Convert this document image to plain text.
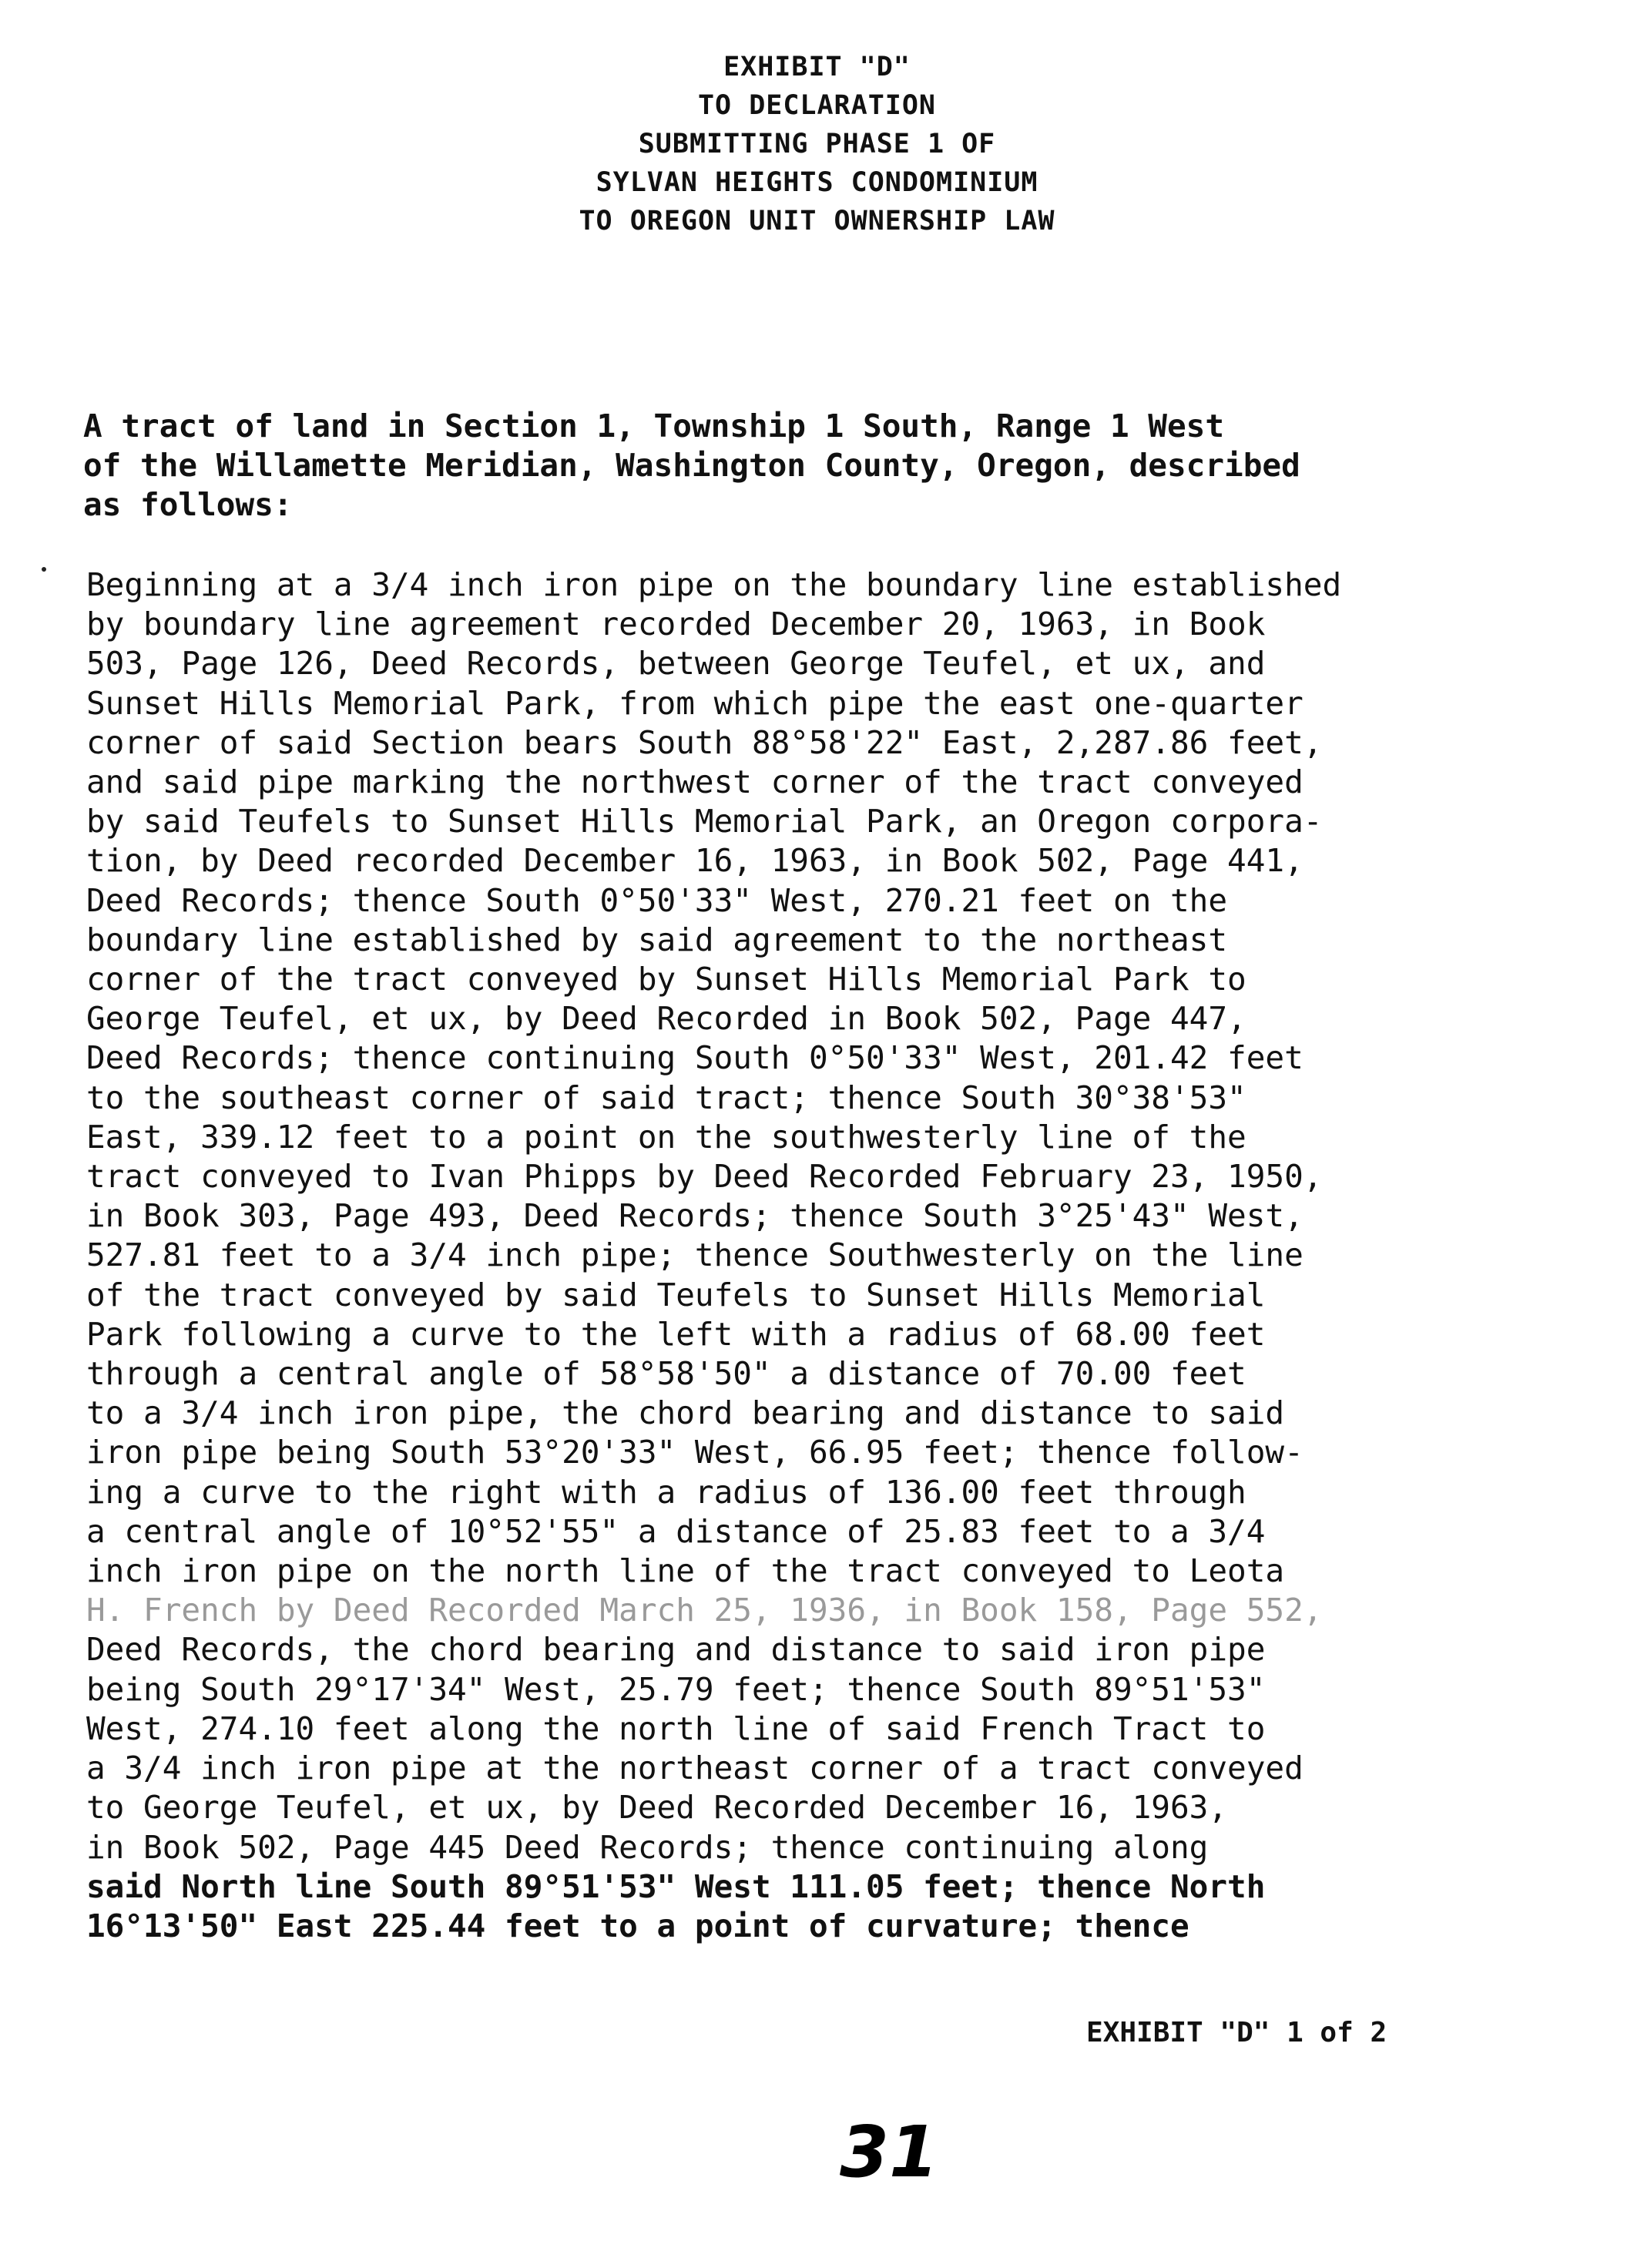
EXHIBIT "D"
TO DECLARATION
SUBMITTING PHASE 1 OF
SYLVAN HEIGHTS CONDOMINIUM
TO OREGON UNIT OWNERSHIP LAW
A tract of land in Section 1, Township 1 South, Range 1 West
of the Willamette Meridian, Washington County, Oregon, described
as follows:
Beginning at a 3/4 inch iron pipe on the boundary line established
by boundary line agreement recorded December 20, 1963, in Book
503, Page 126, Deed Records, between George Teufel, et ux, and
Sunset Hills Memorial Park, from which pipe the east one-quarter
corner of said Section bears South 88°58'22" East, 2,287.86 feet,
and said pipe marking the northwest corner of the tract conveyed
by said Teufels to Sunset Hills Memorial Park, an Oregon corpora-
tion, by Deed recorded December 16, 1963, in Book 502, Page 441,
Deed Records; thence South 0°50'33" West, 270.21 feet on the
boundary line established by said agreement to the northeast
corner of the tract conveyed by Sunset Hills Memorial Park to
George Teufel, et ux, by Deed Recorded in Book 502, Page 447,
Deed Records; thence continuing South 0°50'33" West, 201.42 feet
to the southeast corner of said tract; thence South 30°38'53"
East, 339.12 feet to a point on the southwesterly line of the
tract conveyed to Ivan Phipps by Deed Recorded February 23, 1950,
in Book 303, Page 493, Deed Records; thence South 3°25'43" West,
527.81 feet to a 3/4 inch pipe; thence Southwesterly on the line
of the tract conveyed by said Teufels to Sunset Hills Memorial
Park following a curve to the left with a radius of 68.00 feet
through a central angle of 58°58'50" a distance of 70.00 feet
to a 3/4 inch iron pipe, the chord bearing and distance to said
iron pipe being South 53°20'33" West, 66.95 feet; thence follow-
ing a curve to the right with a radius of 136.00 feet through
a central angle of 10°52'55" a distance of 25.83 feet to a 3/4
inch iron pipe on the north line of the tract conveyed to Leota
H. French by Deed Recorded March 25, 1936, in Book 158, Page 552,
Deed Records, the chord bearing and distance to said iron pipe
being South 29°17'34" West, 25.79 feet; thence South 89°51'53"
West, 274.10 feet along the north line of said French Tract to
a 3/4 inch iron pipe at the northeast corner of a tract conveyed
to George Teufel, et ux, by Deed Recorded December 16, 1963,
in Book 502, Page 445 Deed Records; thence continuing along
said North line South 89°51'53" West 111.05 feet; thence North
16°13'50" East 225.44 feet to a point of curvature; thence
EXHIBIT "D" 1 of 2
31
